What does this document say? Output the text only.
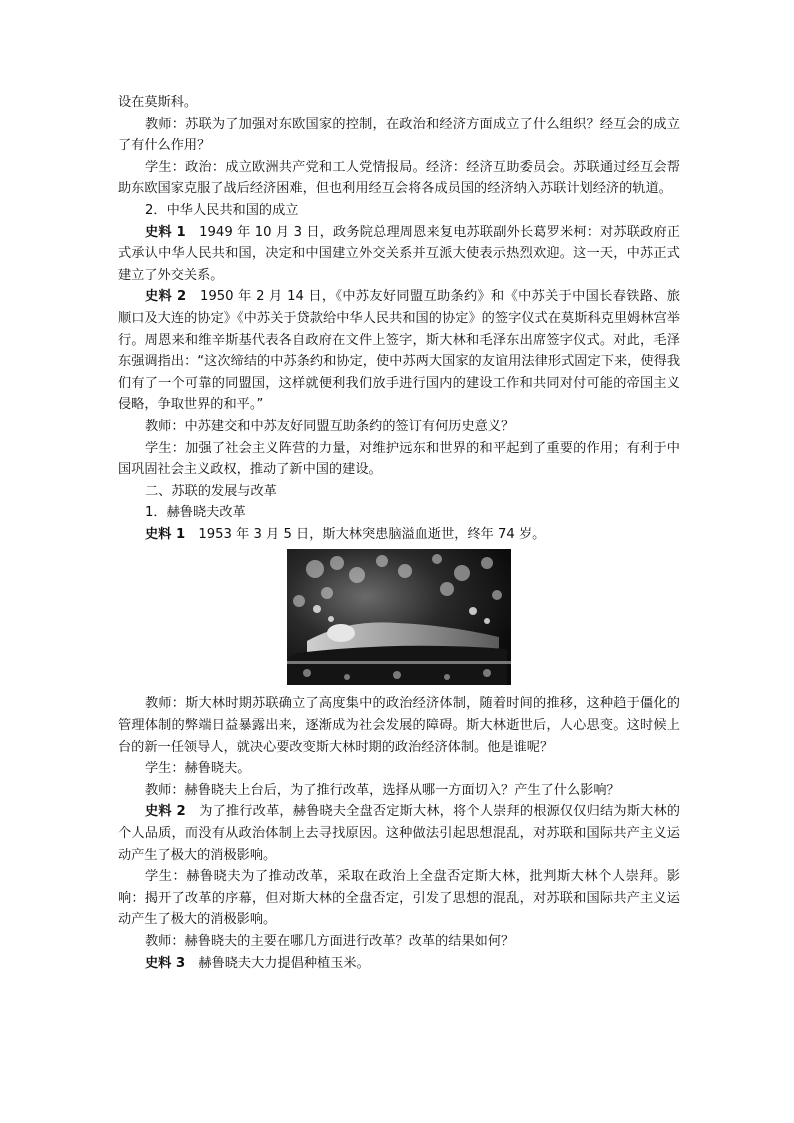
设在莫斯科。

教师：苏联为了加强对东欧国家的控制，在政治和经济方面成立了什么组织？经互会的成立了有什么作用？

学生：政治：成立欧洲共产党和工人党情报局。经济：经济互助委员会。苏联通过经互会帮助东欧国家克服了战后经济困难，但也利用经互会将各成员国的经济纳入苏联计划经济的轨道。

2．中华人民共和国的成立

史料 1　1949 年 10 月 3 日，政务院总理周恩来复电苏联副外长葛罗米柯：对苏联政府正式承认中华人民共和国，决定和中国建立外交关系并互派大使表示热烈欢迎。这一天，中苏正式建立了外交关系。

史料 2　1950 年 2 月 14 日，《中苏友好同盟互助条约》和《中苏关于中国长春铁路、旅顺口及大连的协定》《中苏关于贷款给中华人民共和国的协定》的签字仪式在莫斯科克里姆林宫举行。周恩来和维辛斯基代表各自政府在文件上签字，斯大林和毛泽东出席签字仪式。对此，毛泽东强调指出：“这次缔结的中苏条约和协定，使中苏两大国家的友谊用法律形式固定下来，使得我们有了一个可靠的同盟国，这样就便利我们放手进行国内的建设工作和共同对付可能的帝国主义侵略，争取世界的和平。”

教师：中苏建交和中苏友好同盟互助条约的签订有何历史意义？

学生：加强了社会主义阵营的力量，对维护远东和世界的和平起到了重要的作用；有利于中国巩固社会主义政权，推动了新中国的建设。

二、苏联的发展与改革

1．赫鲁晓夫改革

史料 1　1953 年 3 月 5 日，斯大林突患脑溢血逝世，终年 74 岁。

教师：斯大林时期苏联确立了高度集中的政治经济体制，随着时间的推移，这种趋于僵化的管理体制的弊端日益暴露出来，逐渐成为社会发展的障碍。斯大林逝世后，人心思变。这时候上台的新一任领导人，就决心要改变斯大林时期的政治经济体制。他是谁呢？

学生：赫鲁晓夫。

教师：赫鲁晓夫上台后，为了推行改革，选择从哪一方面切入？产生了什么影响？

史料 2　为了推行改革，赫鲁晓夫全盘否定斯大林，将个人崇拜的根源仅仅归结为斯大林的个人品质，而没有从政治体制上去寻找原因。这种做法引起思想混乱，对苏联和国际共产主义运动产生了极大的消极影响。

学生：赫鲁晓夫为了推动改革，采取在政治上全盘否定斯大林，批判斯大林个人崇拜。影响：揭开了改革的序幕，但对斯大林的全盘否定，引发了思想的混乱，对苏联和国际共产主义运动产生了极大的消极影响。

教师：赫鲁晓夫的主要在哪几方面进行改革？改革的结果如何？

史料 3　赫鲁晓夫大力提倡种植玉米。
